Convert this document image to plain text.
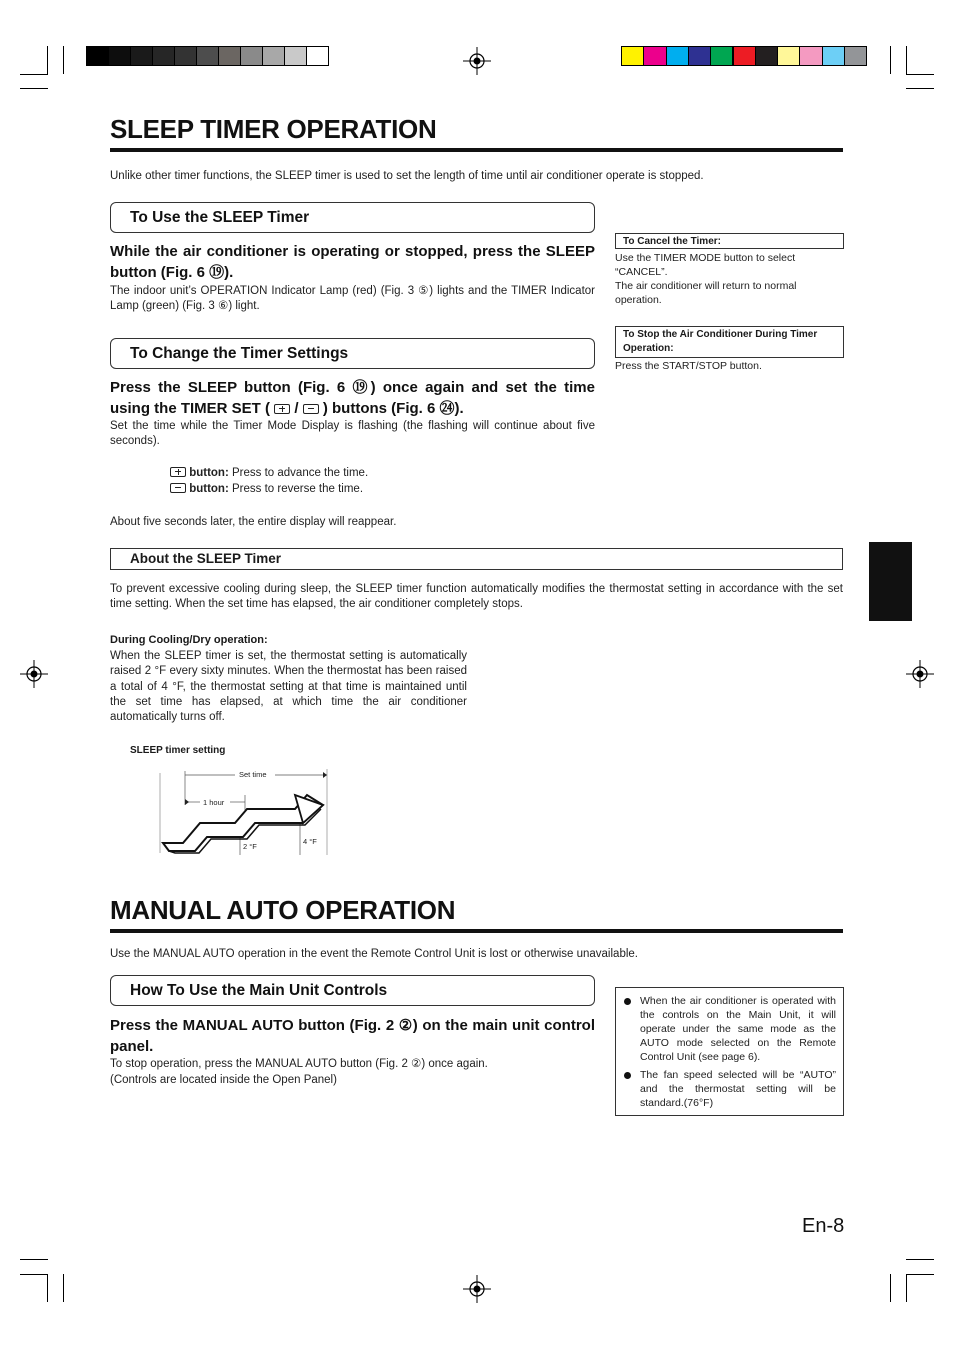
SLEEP TIMER OPERATION

Unlike other timer functions, the SLEEP timer is used to set the length of time until air conditioner operate is stopped.

To Use the SLEEP Timer

While the air conditioner is operating or stopped, press the SLEEP button (Fig. 6 ⑲).

The indoor unit’s OPERATION Indicator Lamp (red) (Fig. 3 ⑤) lights and the TIMER Indicator Lamp (green) (Fig. 3 ⑥) light.

To Change the Timer Settings

Press the SLEEP button (Fig. 6 ⑲) once again and set the time using the TIMER SET ( / ) buttons (Fig. 6 ㉔).

Set the time while the Timer Mode Display is flashing (the flashing will continue about five seconds).

button: Press to advance the time.
button: Press to reverse the time.

About five seconds later, the entire display will reappear.

About the SLEEP Timer

To prevent excessive cooling during sleep, the SLEEP timer function automatically modifies the thermostat setting in accordance with the set time setting. When the set time has elapsed, the air conditioner completely stops.

During Cooling/Dry operation:

When the SLEEP timer is set, the thermostat setting is automatically raised 2 °F every sixty minutes. When the thermostat has been raised a total of 4 °F, the thermostat setting at that time is maintained until the set time has elapsed, at which time the air conditioner automatically turns off.

SLEEP timer setting

Set time
1 hour
2 °F
4 °F
To Cancel the Timer:

Use the TIMER MODE button to select “CANCEL”.

The air conditioner will return to normal operation.

To Stop the Air Conditioner During Timer Operation:

Press the START/STOP button.

MANUAL AUTO OPERATION

Use the MANUAL AUTO operation in the event the Remote Control Unit is lost or otherwise unavailable.

How To Use the Main Unit Controls

Press the MANUAL AUTO button (Fig. 2 ②) on the main unit control panel.

To stop operation, press the MANUAL AUTO button (Fig. 2 ②) once again.

(Controls are located inside the Open Panel)

When the air conditioner is operated with the controls on the Main Unit, it will operate under the same mode as the AUTO mode selected on the Remote Control Unit (see page 6).
The fan speed selected will be “AUTO” and the thermostat setting will be standard.(76°F)
En-8
